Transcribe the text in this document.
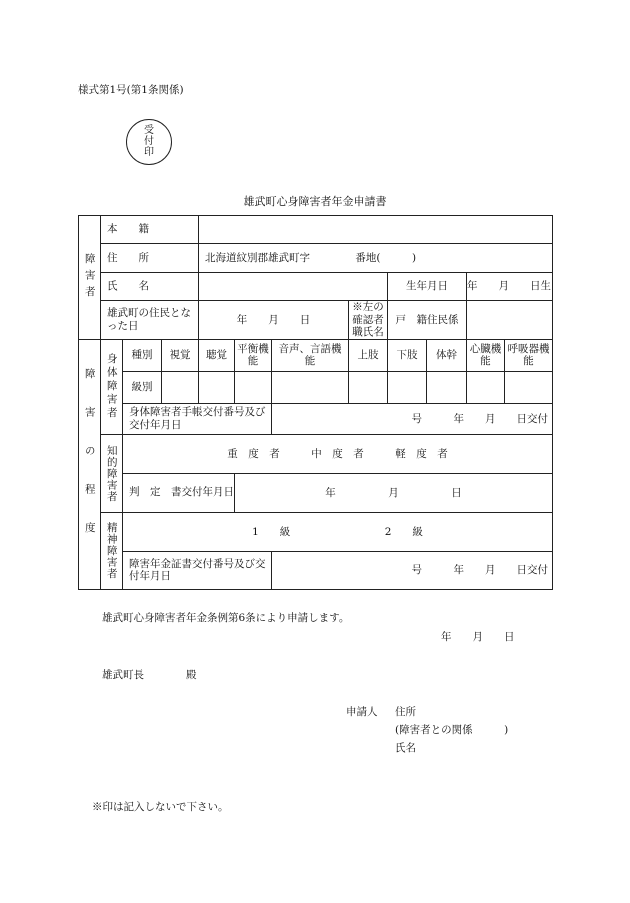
様式第1号(第1条関係)
受
付
印
雄武町心身障害者年金申請書
障害者	本　　籍											
	住　　所			北海道紋別郡雄武町字 番地(　　　)								
	氏　　名							生年月日		年　　月　　日生		
	雄武町の住民となった日			年　　月　　日			※左の確認者職氏名	戸　籍住民係		
障害の程度	身体障害者	種別	視覚	聴覚	平衡機能	音声、言語機　　能	上肢	下肢	体幹	心臓機能	呼吸器機　能	
		級別										
		身体障害者手帳交付番号及び交付年月日				号　　　年　　月　　日交付						
	知的障害者	重　度　者　　　中　度　者　　　軽　度　者										
		判　定　書交付年月日			年　　　　　月　　　　　日							
	精神障害者	1　　級　　　　　　　　　2　　級										
		障害年金証書交付番号及び交付年月日				号　　　年　　月　　日交付						
雄武町心身障害者年金条例第6条により申請します。
年　　月　　日
雄武町長　　　　殿
申請人 住所
(障害者との関係　　　)
氏名
※印は記入しないで下さい。
